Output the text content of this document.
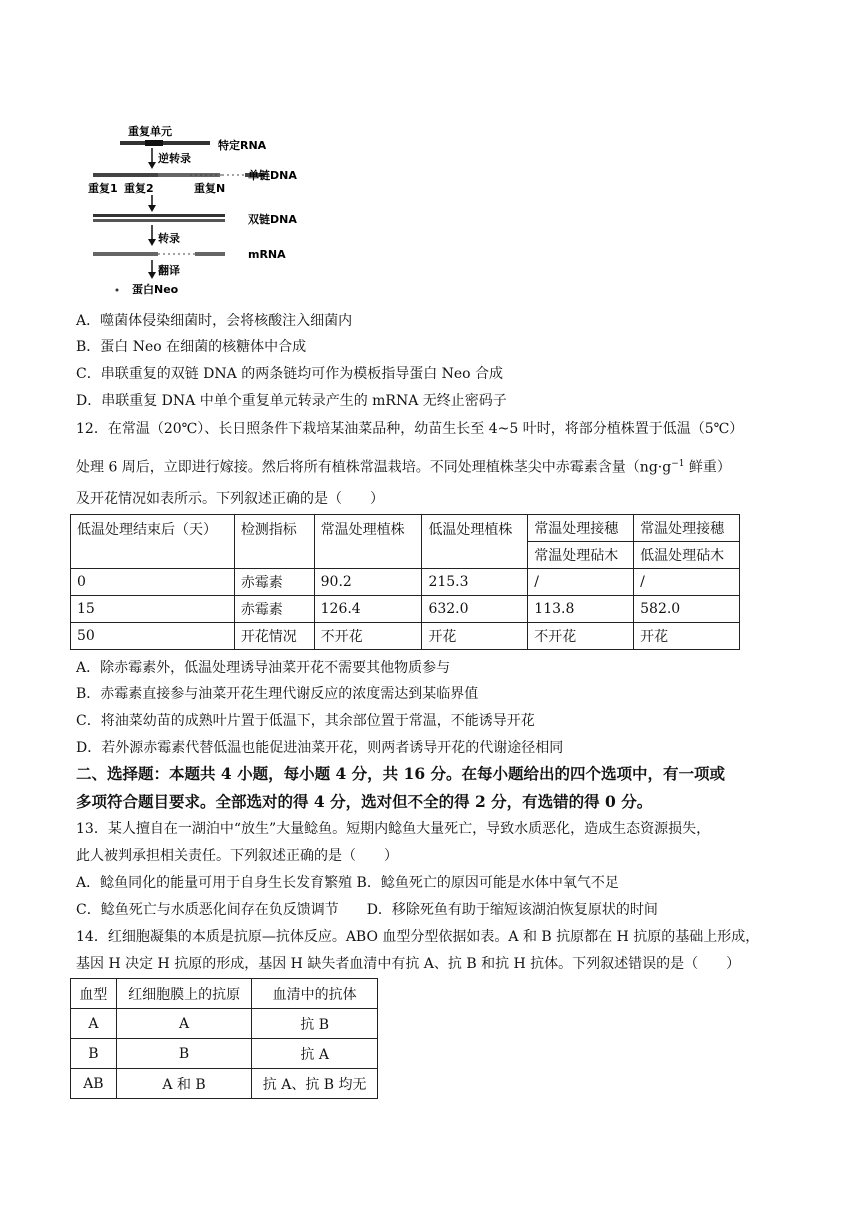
重复单元
特定RNA
逆转录
单链DNA
重复1 重复2	重复N
双链DNA
转录
mRNA
翻译
蛋白Neo
A．噬菌体侵染细菌时，会将核酸注入细菌内
B．蛋白 Neo 在细菌的核糖体中合成
C．串联重复的双链 DNA 的两条链均可作为模板指导蛋白 Neo 合成
D．串联重复 DNA 中单个重复单元转录产生的 mRNA 无终止密码子
12．在常温（20℃）、长日照条件下栽培某油菜品种，幼苗生长至 4~5 叶时，将部分植株置于低温（5℃）
处理 6 周后，立即进行嫁接。然后将所有植株常温栽培。不同处理植株茎尖中赤霉素含量（$ng\cdot g^{-1}$ 鲜重）
及开花情况如表所示。下列叙述正确的是（　　）
低温处理结束后（天）	检测指标	常温处理植株	低温处理植株	常温处理接穗	常温处理接穗
				常温处理砧木	低温处理砧木
0	赤霉素	90.2	215.3	/	/
15	赤霉素	126.4	632.0	113.8	582.0
50	开花情况	不开花	开花	不开花	开花
A．除赤霉素外，低温处理诱导油菜开花不需要其他物质参与
B．赤霉素直接参与油菜开花生理代谢反应的浓度需达到某临界值
C．将油菜幼苗的成熟叶片置于低温下，其余部位置于常温，不能诱导开花
D．若外源赤霉素代替低温也能促进油菜开花，则两者诱导开花的代谢途径相同
二、选择题：本题共 4 小题，每小题 4 分，共 16 分。在每小题给出的四个选项中，有一项或
多项符合题目要求。全部选对的得 4 分，选对但不全的得 2 分，有选错的得 0 分。
13．某人擅自在一湖泊中“放生”大量鲶鱼。短期内鲶鱼大量死亡，导致水质恶化，造成生态资源损失，
此人被判承担相关责任。下列叙述正确的是（　　）
A．鲶鱼同化的能量可用于自身生长发育繁殖 B．鲶鱼死亡的原因可能是水体中氧气不足
C．鲶鱼死亡与水质恶化间存在负反馈调节　　D．移除死鱼有助于缩短该湖泊恢复原状的时间
14．红细胞凝集的本质是抗原—抗体反应。ABO 血型分型依据如表。A 和 B 抗原都在 H 抗原的基础上形成，
基因 H 决定 H 抗原的形成，基因 H 缺失者血清中有抗 A、抗 B 和抗 H 抗体。下列叙述错误的是（　　）
血型	红细胞膜上的抗原	血清中的抗体
A	A	抗 B
B	B	抗 A
AB	A 和 B	抗 A、抗 B 均无
